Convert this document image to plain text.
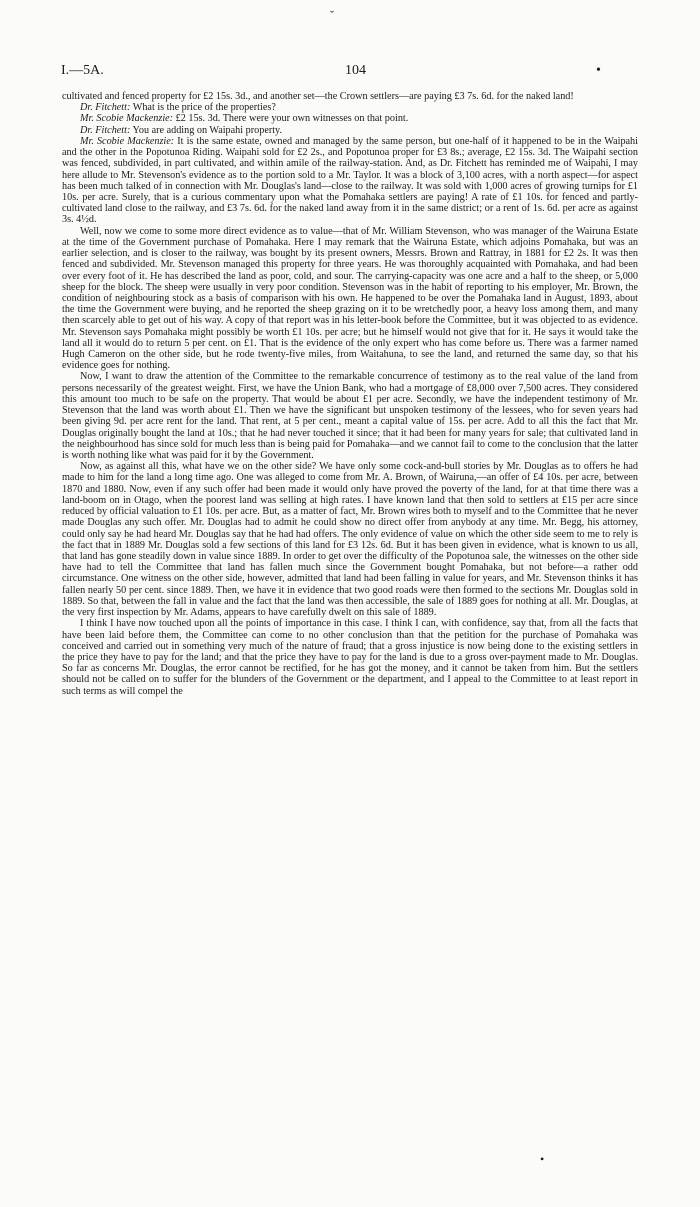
ˇ
I.—5A.	104	•

cultivated and fenced property for £2 15s. 3d., and another set—the Crown settlers—are paying £3 7s. 6d. for the naked land!

Dr. Fitchett: What is the price of the properties?

Mr. Scobie Mackenzie: £2 15s. 3d. There were your own witnesses on that point.

Dr. Fitchett: You are adding on Waipahi property.

Mr. Scobie Mackenzie: It is the same estate, owned and managed by the same person, but one-half of it happened to be in the Waipahi and the other in the Popotunoa Riding. Waipahi sold for £2 2s., and Popotunoa proper for £3 8s.; average, £2 15s. 3d. The Waipahi section was fenced, subdivided, in part cultivated, and within amile of the railway-station. And, as Dr. Fitchett has reminded me of Waipahi, I may here allude to Mr. Stevenson's evidence as to the portion sold to a Mr. Taylor. It was a block of 3,100 acres, with a north aspect—for aspect has been much talked of in connection with Mr. Douglas's land—close to the railway. It was sold with 1,000 acres of growing turnips for £1 10s. per acre. Surely, that is a curious commentary upon what the Pomahaka settlers are paying! A rate of £1 10s. for fenced and partly-cultivated land close to the railway, and £3 7s. 6d. for the naked land away from it in the same district; or a rent of 1s. 6d. per acre as against 3s. 4½d.

Well, now we come to some more direct evidence as to value—that of Mr. William Stevenson, who was manager of the Wairuna Estate at the time of the Government purchase of Pomahaka. Here I may remark that the Wairuna Estate, which adjoins Pomahaka, but was an earlier selection, and is closer to the railway, was bought by its present owners, Messrs. Brown and Rattray, in 1881 for £2 2s. It was then fenced and subdivided. Mr. Stevenson managed this property for three years. He was thoroughly acquainted with Pomahaka, and had been over every foot of it. He has described the land as poor, cold, and sour. The carrying-capacity was one acre and a half to the sheep, or 5,000 sheep for the block. The sheep were usually in very poor condition. Stevenson was in the habit of reporting to his employer, Mr. Brown, the condition of neighbouring stock as a basis of comparison with his own. He happened to be over the Pomahaka land in August, 1893, about the time the Government were buying, and he reported the sheep grazing on it to be wretchedly poor, a heavy loss among them, and many then scarcely able to get out of his way. A copy of that report was in his letter-book before the Committee, but it was objected to as evidence. Mr. Stevenson says Pomahaka might possibly be worth £1 10s. per acre; but he himself would not give that for it. He says it would take the land all it would do to return 5 per cent. on £1. That is the evidence of the only expert who has come before us. There was a farmer named Hugh Cameron on the other side, but he rode twenty-five miles, from Waitahuna, to see the land, and returned the same day, so that his evidence goes for nothing.

Now, I want to draw the attention of the Committee to the remarkable concurrence of testimony as to the real value of the land from persons necessarily of the greatest weight. First, we have the Union Bank, who had a mortgage of £8,000 over 7,500 acres. They considered this amount too much to be safe on the property. That would be about £1 per acre. Secondly, we have the independent testimony of Mr. Stevenson that the land was worth about £1. Then we have the significant but unspoken testimony of the lessees, who for seven years had been giving 9d. per acre rent for the land. That rent, at 5 per cent., meant a capital value of 15s. per acre. Add to all this the fact that Mr. Douglas originally bought the land at 10s.; that he had never touched it since; that it had been for many years for sale; that cultivated land in the neighbourhood has since sold for much less than is being paid for Pomahaka—and we cannot fail to come to the conclusion that the latter is worth nothing like what was paid for it by the Government.

Now, as against all this, what have we on the other side? We have only some cock-and-bull stories by Mr. Douglas as to offers he had made to him for the land a long time ago. One was alleged to come from Mr. A. Brown, of Wairuna,—an offer of £4 10s. per acre, between 1870 and 1880. Now, even if any such offer had been made it would only have proved the poverty of the land, for at that time there was a land-boom on in Otago, when the poorest land was selling at high rates. I have known land that then sold to settlers at £15 per acre since reduced by official valuation to £1 10s. per acre. But, as a matter of fact, Mr. Brown wires both to myself and to the Committee that he never made Douglas any such offer. Mr. Douglas had to admit he could show no direct offer from anybody at any time. Mr. Begg, his attorney, could only say he had heard Mr. Douglas say that he had had offers. The only evidence of value on which the other side seem to me to rely is the fact that in 1889 Mr. Douglas sold a few sections of this land for £3 12s. 6d. But it has been given in evidence, what is known to us all, that land has gone steadily down in value since 1889. In order to get over the difficulty of the Popotunoa sale, the witnesses on the other side have had to tell the Committee that land has fallen much since the Government bought Pomahaka, but not before—a rather odd circumstance. One witness on the other side, however, admitted that land had been falling in value for years, and Mr. Stevenson thinks it has fallen nearly 50 per cent. since 1889. Then, we have it in evidence that two good roads were then formed to the sections Mr. Douglas sold in 1889. So that, between the fall in value and the fact that the land was then accessible, the sale of 1889 goes for nothing at all. Mr. Douglas, at the very first inspection by Mr. Adams, appears to have carefully dwelt on this sale of 1889.

I think I have now touched upon all the points of importance in this case. I think I can, with confidence, say that, from all the facts that have been laid before them, the Committee can come to no other conclusion than that the petition for the purchase of Pomahaka was conceived and carried out in something very much of the nature of fraud; that a gross injustice is now being done to the existing settlers in the price they have to pay for the land; and that the price they have to pay for the land is due to a gross over-payment made to Mr. Douglas. So far as concerns Mr. Douglas, the error cannot be rectified, for he has got the money, and it cannot be taken from him. But the settlers should not be called on to suffer for the blunders of the Government or the department, and I appeal to the Committee to at least report in such terms as will compel the

•
